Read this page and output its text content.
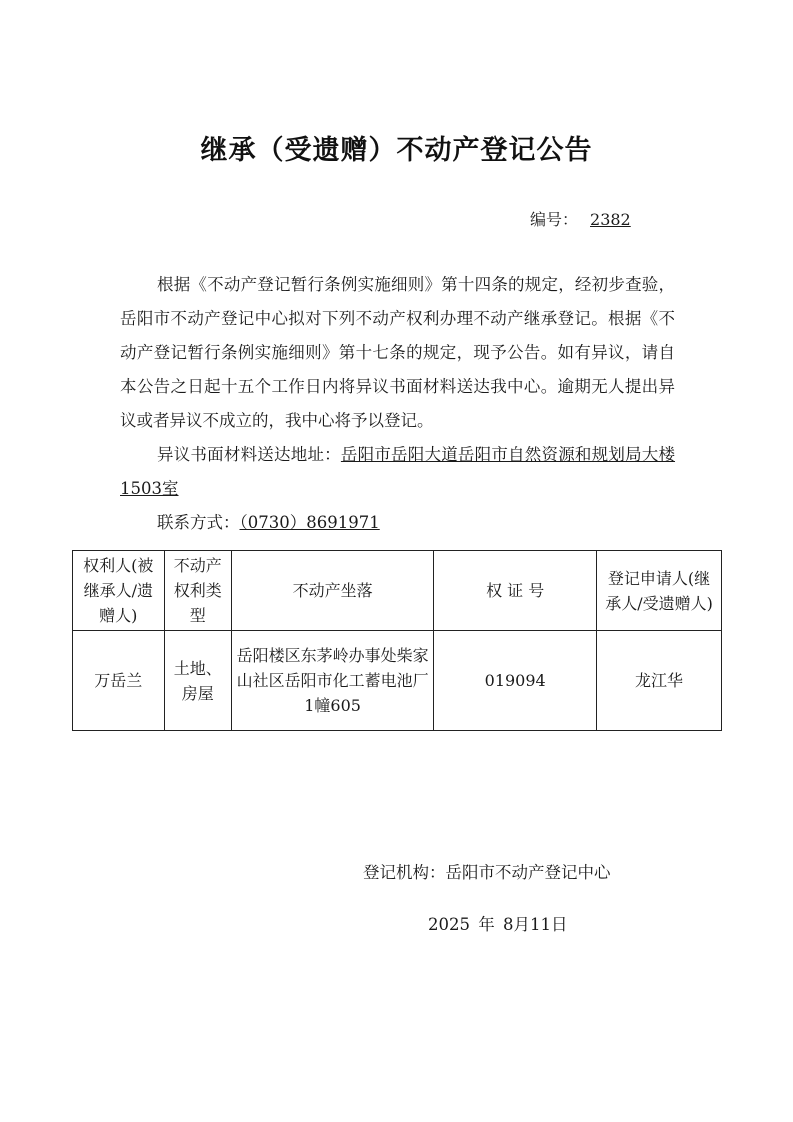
继承（受遗赠）不动产登记公告
编号： 2382
根据《不动产登记暂行条例实施细则》第十四条的规定，经初步查验，岳阳市不动产登记中心拟对下列不动产权利办理不动产继承登记。根据《不动产登记暂行条例实施细则》第十七条的规定，现予公告。如有异议，请自本公告之日起十五个工作日内将异议书面材料送达我中心。逾期无人提出异议或者异议不成立的，我中心将予以登记。
异议书面材料送达地址：岳阳市岳阳大道岳阳市自然资源和规划局大楼1503室
联系方式：（0730）8691971
权利人(被继承人/遗赠人)	不动产权利类型	不动产坐落	权 证 号	登记申请人(继承人/受遗赠人)
万岳兰	土地、房屋	岳阳楼区东茅岭办事处柴家山社区岳阳市化工蓄电池厂1幢605	019094	龙江华
登记机构：岳阳市不动产登记中心
2025 年 8月11日
